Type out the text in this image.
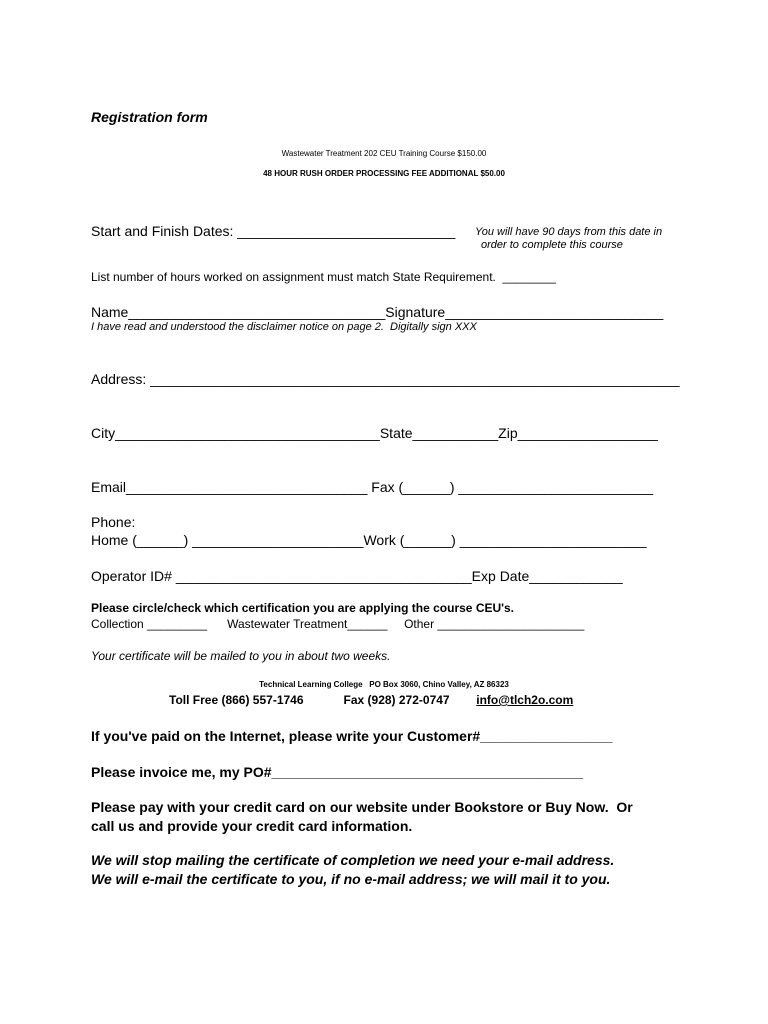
Registration form
Wastewater Treatment 202 CEU Training Course $150.00
48 HOUR RUSH ORDER PROCESSING FEE ADDITIONAL $50.00
Start and Finish Dates: ____________________________ You will have 90 days from this date in
order to complete this course
List number of hours worked on assignment must match State Requirement.  ________
Name_________________________________Signature____________________________
I have read and understood the disclaimer notice on page 2.  Digitally sign XXX
Address: ____________________________________________________________________
City__________________________________State___________Zip__________________
Email_______________________________ Fax (______) _________________________
Phone:
Home (______) ______________________Work (______) ________________________
Operator ID# ______________________________________Exp Date____________
Please circle/check which certification you are applying the course CEU's.
Collection _________      Wastewater Treatment______     Other ______________________
Your certificate will be mailed to you in about two weeks.
Technical Learning College   PO Box 3060, Chino Valley, AZ 86323
Toll Free (866) 557-1746            Fax (928) 272-0747        info@tlch2o.com
If you've paid on the Internet, please write your Customer#_________________
Please invoice me, my PO#________________________________________
Please pay with your credit card on our website under Bookstore or Buy Now.  Or
call us and provide your credit card information.
We will stop mailing the certificate of completion we need your e-mail address.
We will e-mail the certificate to you, if no e-mail address; we will mail it to you.
